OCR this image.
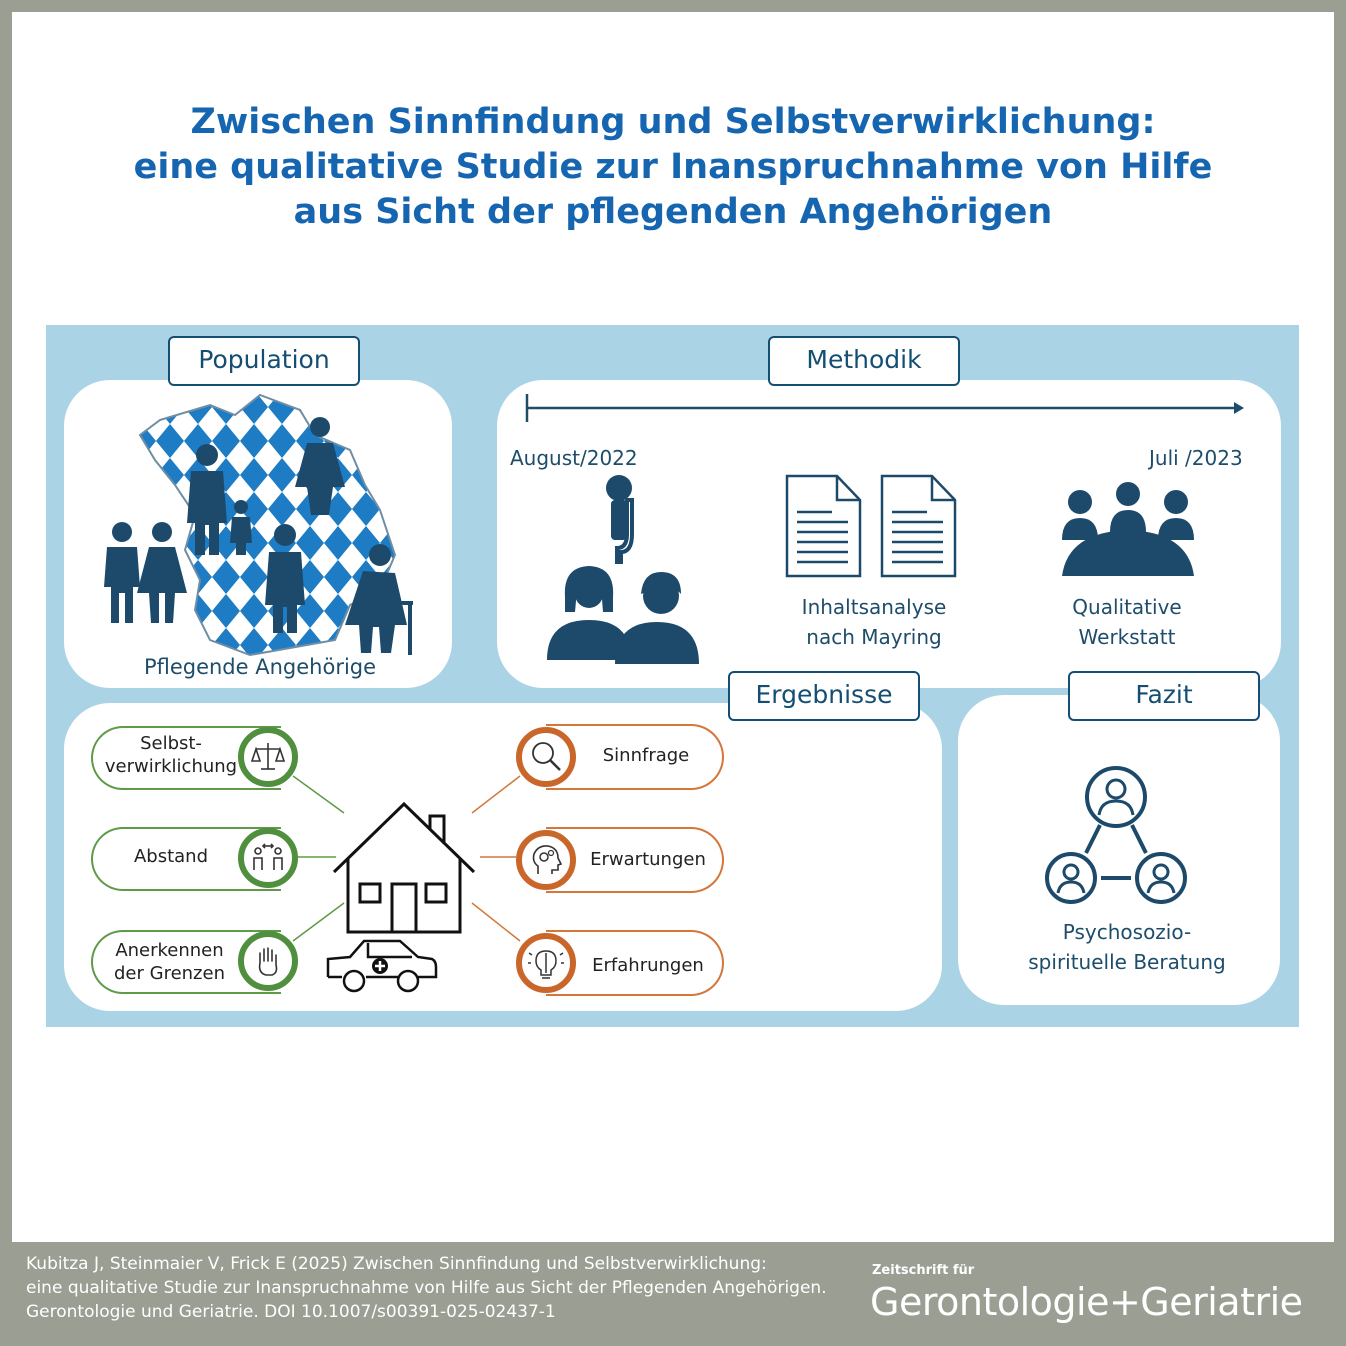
Zwischen Sinnfindung und Selbstverwirklichung:
eine qualitative Studie zur Inanspruchnahme von Hilfe
aus Sicht der pflegenden Angehörigen
Population
Pflegende Angehörige
Methodik
August/2022	Juli /2023
Inhaltsanalyse
nach Mayring
Qualitative
Werkstatt
Ergebnisse
Selbst-
verwirklichung
Abstand
Anerkennen
der Grenzen
Sinnfrage
Erwartungen
Erfahrungen
Fazit
Psychosozio-
spirituelle Beratung
Kubitza J, Steinmaier V, Frick E (2025) Zwischen Sinnfindung und Selbstverwirklichung:
eine qualitative Studie zur Inanspruchnahme von Hilfe aus Sicht der Pflegenden Angehörigen.
Gerontologie und Geriatrie. DOI 10.1007/s00391-025-02437-1
Zeitschrift für
Gerontologie+Geriatrie
